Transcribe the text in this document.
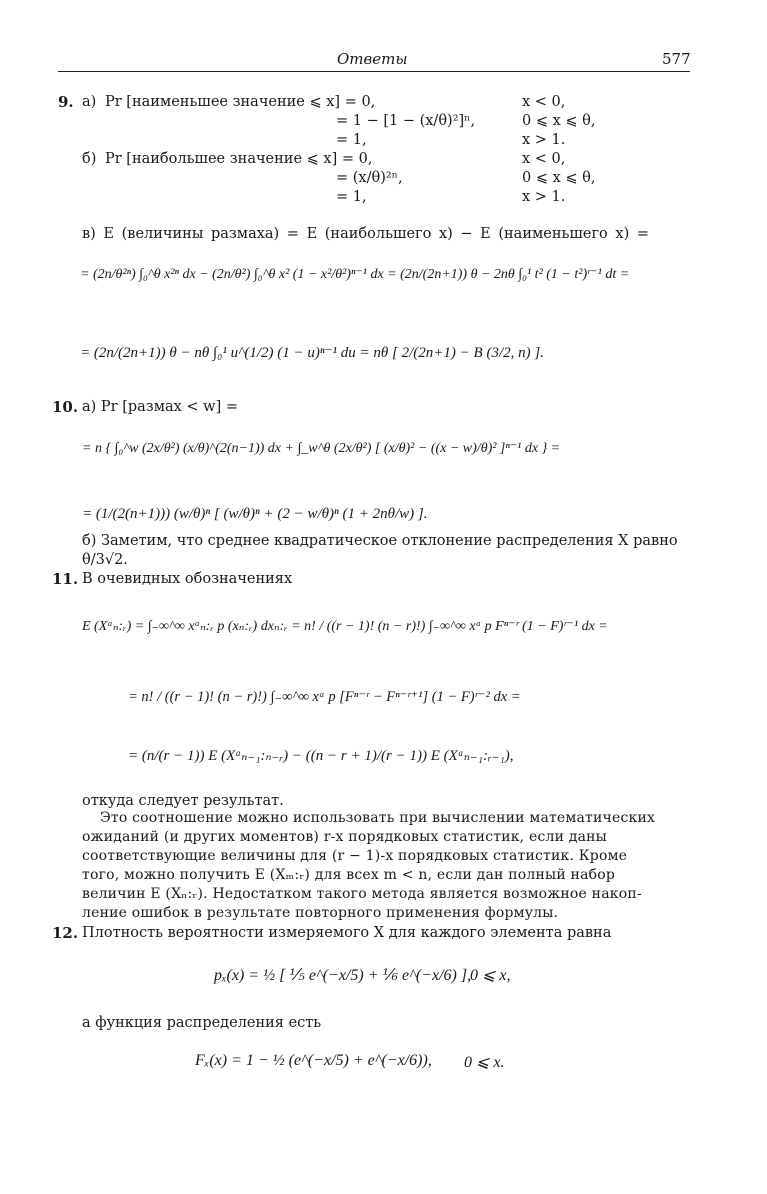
Ответы	577
9. а) Pr [наименьшее значение ⩽ x] = 0,
= 1 − [1 − (x/θ)²]ⁿ,
= 1,
x < 0,
0 ⩽ x ⩽ θ,
x > 1.
б) Pr [наибольшее значение ⩽ x] = 0,
= (x/θ)²ⁿ,
= 1,
x < 0,
0 ⩽ x ⩽ θ,
x > 1.
в) E (величины размаха) = E (наибольшего x) − E (наименьшего x) =
= (2n/θ²ⁿ) ∫₀^θ x²ⁿ dx − (2n/θ²) ∫₀^θ x² (1 − x²/θ²)ⁿ⁻¹ dx = (2n/(2n+1)) θ − 2nθ ∫₀¹ t² (1 − t²)ʳ⁻¹ dt =
= (2n/(2n+1)) θ − nθ ∫₀¹ u^(1/2) (1 − u)ⁿ⁻¹ du = nθ [ 2/(2n+1) − B (3/2, n) ].
10. а) Pr [размах < w] =
= n { ∫₀^w (2x/θ²) (x/θ)^(2(n−1)) dx + ∫_w^θ (2x/θ²) [ (x/θ)² − ((x − w)/θ)² ]ⁿ⁻¹ dx } =
= (1/(2(n+1))) (w/θ)ⁿ [ (w/θ)ⁿ + (2 − w/θ)ⁿ (1 + 2nθ/w) ].
б) Заметим, что среднее квадратическое отклонение распределения X равно
θ/3√2.
11. В очевидных обозначениях
E (Xᵃₙ:ᵣ) = ∫₋∞^∞ xᵃₙ:ᵣ p (xₙ:ᵣ) dxₙ:ᵣ = n! / ((r − 1)! (n − r)!) ∫₋∞^∞ xᵃ p Fⁿ⁻ʳ (1 − F)ʳ⁻¹ dx =
= n! / ((r − 1)! (n − r)!) ∫₋∞^∞ xᵃ p [Fⁿ⁻ʳ − Fⁿ⁻ʳ⁺¹] (1 − F)ʳ⁻² dx =
= (n/(r − 1)) E (Xᵃₙ₋₁:ₙ₋ᵣ) − ((n − r + 1)/(r − 1)) E (Xᵃₙ₋₁:ᵣ₋₁),
откуда следует результат.
Это соотношение можно использовать при вычислении математических
ожиданий (и других моментов) r-х порядковых статистик, если даны
соответствующие величины для (r − 1)-х порядковых статистик. Кроме
того, можно получить E (Xₘ:ᵣ) для всех m < n, если дан полный набор
величин E (Xₙ:ᵣ). Недостатком такого метода является возможное накоп-
ление ошибок в результате повторного применения формулы.
12. Плотность вероятности измеряемого X для каждого элемента равна
pₓ(x) = ½ [ ⅕ e^(−x/5) + ⅙ e^(−x/6) ],
0 ⩽ x,
а функция распределения есть
Fₓ(x) = 1 − ½ (e^(−x/5) + e^(−x/6)), 0 ⩽ x.
